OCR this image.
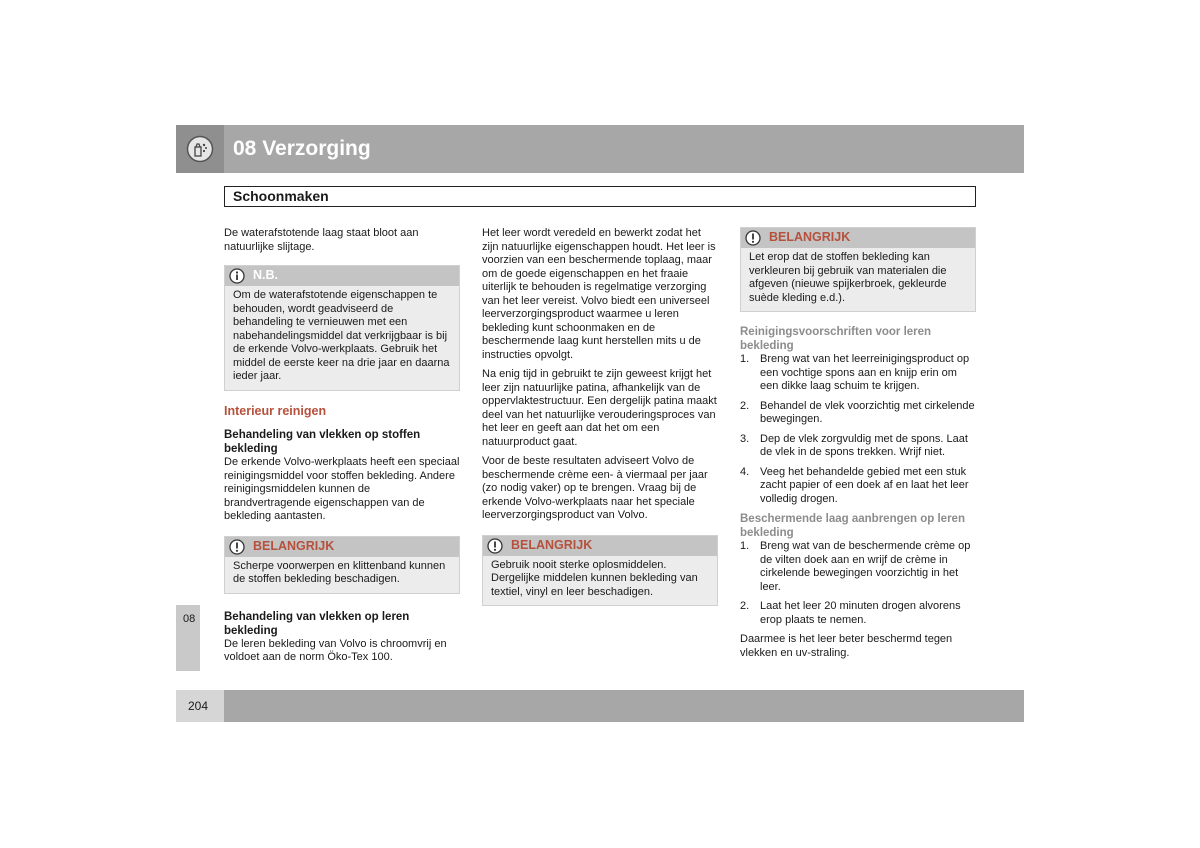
08 Verzorging
Schoonmaken

De waterafstotende laag staat bloot aan natuurlijke slijtage.

N.B.
Om de waterafstotende eigenschappen te behouden, wordt geadviseerd de behandeling te vernieuwen met een nabehandelingsmiddel dat verkrijgbaar is bij de erkende Volvo-werkplaats. Gebruik het middel de eerste keer na drie jaar en daarna ieder jaar.
Interieur reinigen
Behandeling van vlekken op stoffen bekleding

De erkende Volvo-werkplaats heeft een speciaal reinigingsmiddel voor stoffen bekleding. Andere reinigingsmiddelen kunnen de brandvertragende eigenschappen van de bekleding aantasten.

BELANGRIJK
Scherpe voorwerpen en klittenband kunnen de stoffen bekleding beschadigen.
Behandeling van vlekken op leren bekleding

De leren bekleding van Volvo is chroomvrij en voldoet aan de norm Öko-Tex 100.

Het leer wordt veredeld en bewerkt zodat het zijn natuurlijke eigenschappen houdt. Het leer is voorzien van een beschermende toplaag, maar om de goede eigenschappen en het fraaie uiterlijk te behouden is regelmatige verzorging van het leer vereist. Volvo biedt een universeel leerverzorgingsproduct waarmee u leren bekleding kunt schoonmaken en de beschermende laag kunt herstellen mits u de instructies opvolgt.

Na enig tijd in gebruikt te zijn geweest krijgt het leer zijn natuurlijke patina, afhankelijk van de oppervlaktestructuur. Een dergelijk patina maakt deel van het natuurlijke verouderingsproces van het leer en geeft aan dat het om een natuurproduct gaat.

Voor de beste resultaten adviseert Volvo de beschermende crème een- à viermaal per jaar (zo nodig vaker) op te brengen. Vraag bij de erkende Volvo-werkplaats naar het speciale leerverzorgingsproduct van Volvo.

BELANGRIJK
Gebruik nooit sterke oplosmiddelen. Dergelijke middelen kunnen bekleding van textiel, vinyl en leer beschadigen.
BELANGRIJK
Let erop dat de stoffen bekleding kan verkleuren bij gebruik van materialen die afgeven (nieuwe spijkerbroek, gekleurde suède kleding e.d.).
Reinigingsvoorschriften voor leren bekleding
1. Breng wat van het leerreinigingsproduct op een vochtige spons aan en knijp erin om een dikke laag schuim te krijgen.
2. Behandel de vlek voorzichtig met cirkelende bewegingen.
3. Dep de vlek zorgvuldig met de spons. Laat de vlek in de spons trekken. Wrijf niet.
4. Veeg het behandelde gebied met een stuk zacht papier of een doek af en laat het leer volledig drogen.
Beschermende laag aanbrengen op leren bekleding
1. Breng wat van de beschermende crème op de vilten doek aan en wrijf de crème in cirkelende bewegingen voorzichtig in het leer.
2. Laat het leer 20 minuten drogen alvorens erop plaats te nemen.

Daarmee is het leer beter beschermd tegen vlekken en uv-straling.

08
204
